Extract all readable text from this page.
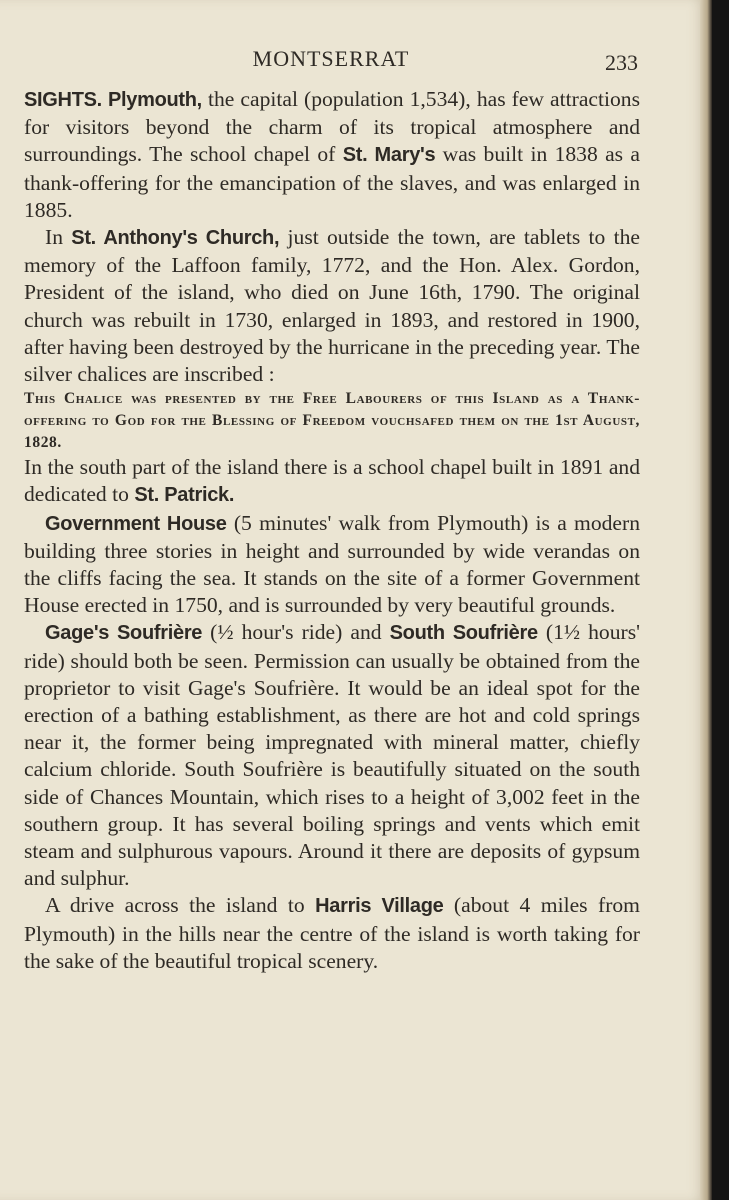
MONTSERRAT	233

SIGHTS. Plymouth, the capital (population 1,534), has few attractions for visitors beyond the charm of its tropical atmosphere and surroundings. The school chapel of St. Mary's was built in 1838 as a thank-offering for the emancipation of the slaves, and was enlarged in 1885.

In St. Anthony's Church, just outside the town, are tablets to the memory of the Laffoon family, 1772, and the Hon. Alex. Gordon, President of the island, who died on June 16th, 1790. The original church was rebuilt in 1730, enlarged in 1893, and restored in 1900, after having been destroyed by the hurricane in the preceding year. The silver chalices are inscribed :

This Chalice was presented by the Free Labourers of this Island as a Thank-offering to God for the Blessing of Freedom vouchsafed them on the 1st August, 1828.

In the south part of the island there is a school chapel built in 1891 and dedicated to St. Patrick.

Government House (5 minutes' walk from Plymouth) is a modern building three stories in height and surrounded by wide verandas on the cliffs facing the sea. It stands on the site of a former Government House erected in 1750, and is surrounded by very beautiful grounds.

Gage's Soufrière (½ hour's ride) and South Soufrière (1½ hours' ride) should both be seen. Permission can usually be obtained from the proprietor to visit Gage's Soufrière. It would be an ideal spot for the erection of a bathing establishment, as there are hot and cold springs near it, the former being impregnated with mineral matter, chiefly calcium chloride. South Soufrière is beautifully situated on the south side of Chances Mountain, which rises to a height of 3,002 feet in the southern group. It has several boiling springs and vents which emit steam and sulphurous vapours. Around it there are deposits of gypsum and sulphur.

A drive across the island to Harris Village (about 4 miles from Plymouth) in the hills near the centre of the island is worth taking for the sake of the beautiful tropical scenery.
